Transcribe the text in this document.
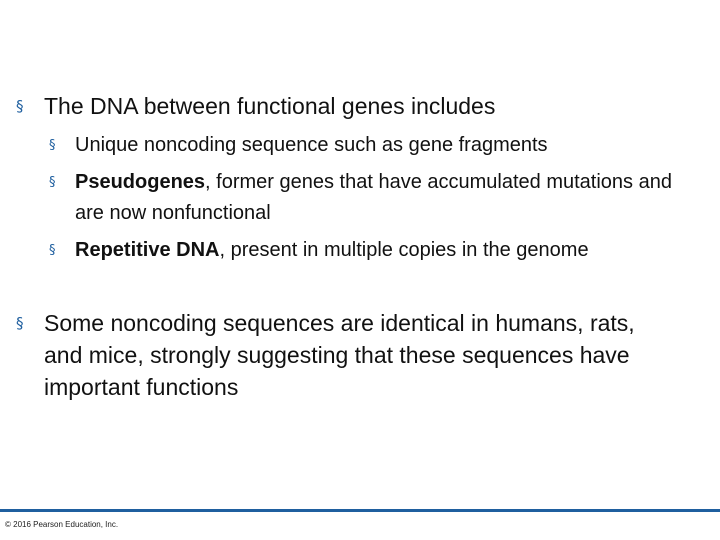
§ The DNA between functional genes includes
§ Unique noncoding sequence such as gene fragments
§ Pseudogenes, former genes that have accumulated mutations and are now nonfunctional
§ Repetitive DNA, present in multiple copies in the genome
§ Some noncoding sequences are identical in humans, rats, and mice, strongly suggesting that these sequences have important functions
© 2016 Pearson Education, Inc.
